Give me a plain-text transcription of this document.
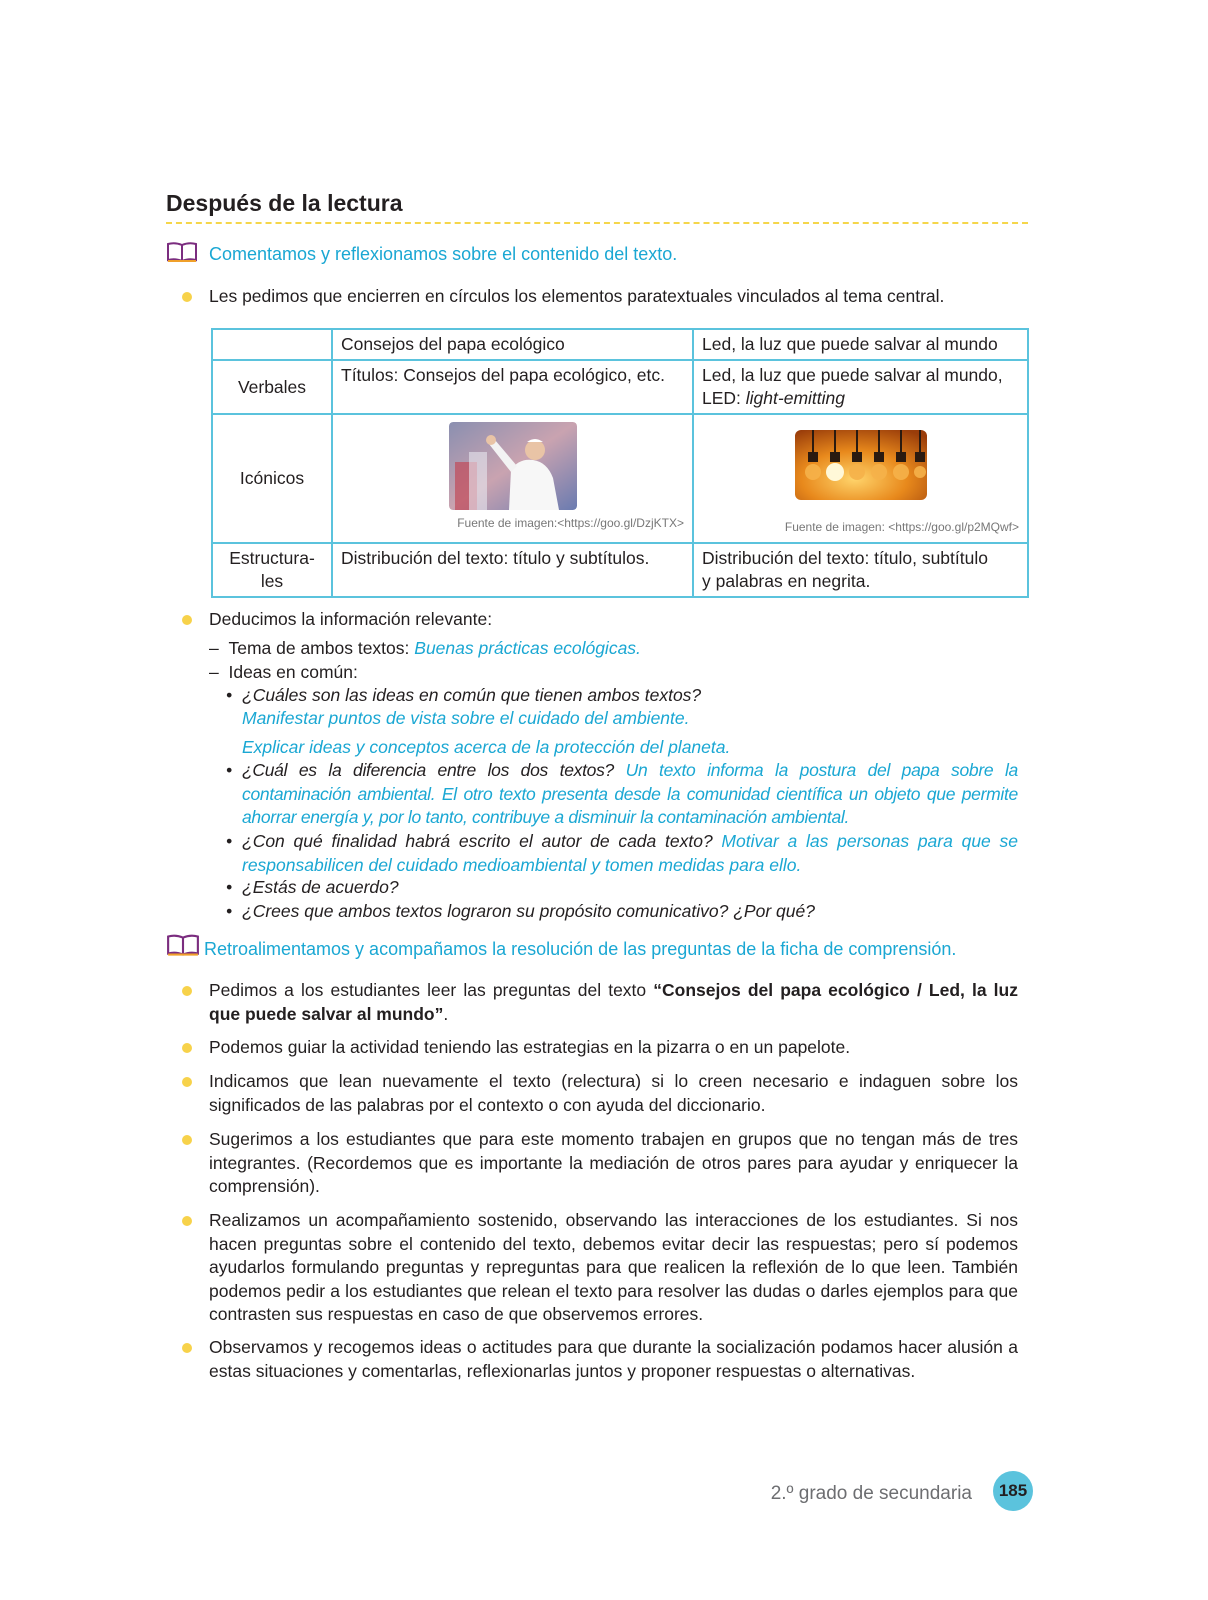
Después de la lectura
Comentamos y reflexionamos sobre el contenido del texto.
Les pedimos que encierren en círculos los elementos paratextuales vinculados al tema central.
	Consejos del papa ecológico	Led, la luz que puede salvar al mundo
Verbales	Títulos: Consejos del papa ecológico, etc.	Led, la luz que puede salvar al mundo,
LED: light-emitting
Icónicos	Fuente de imagen:<https://goo.gl/DzjKTX>	Fuente de imagen: <https://goo.gl/p2MQwf>

Estructura-
les	Distribución del texto: título y subtítulos.	Distribución del texto: título, subtítulo
y palabras en negrita.
Deducimos la información relevante:
–  Tema de ambos textos: Buenas prácticas ecológicas.
–  Ideas en común:
• ¿Cuáles son las ideas en común que tienen ambos textos?
Manifestar puntos de vista sobre el cuidado del ambiente.
Explicar ideas y conceptos acerca de la protección del planeta.
• ¿Cuál es la diferencia entre los dos textos? Un texto informa la postura del papa sobre la contaminación ambiental. El otro texto presenta desde la comunidad científica un objeto que permite ahorrar energía y, por lo tanto, contribuye a disminuir la contaminación ambiental.
• ¿Con qué finalidad habrá escrito el autor de cada texto? Motivar a las personas para que se responsabilicen del cuidado medioambiental y tomen medidas para ello.
• ¿Estás de acuerdo?
• ¿Crees que ambos textos lograron su propósito comunicativo? ¿Por qué?
Retroalimentamos y acompañamos la resolución de las preguntas de la ficha de comprensión.
Pedimos a los estudiantes leer las preguntas del texto “Consejos del papa ecológico / Led, la luz que puede salvar al mundo”.
Podemos guiar la actividad teniendo las estrategias en la pizarra o en un papelote.
Indicamos que lean nuevamente el texto (relectura) si lo creen necesario e indaguen sobre los significados de las palabras por el contexto o con ayuda del diccionario.
Sugerimos a los estudiantes que para este momento trabajen en grupos que no tengan más de tres integrantes. (Recordemos que es importante la mediación de otros pares para ayudar y enriquecer la comprensión).
Realizamos un acompañamiento sostenido, observando las interacciones de los estudiantes. Si nos hacen preguntas sobre el contenido del texto, debemos evitar decir las respuestas; pero sí podemos ayudarlos formulando preguntas y repreguntas para que realicen la reflexión de lo que leen. También podemos pedir a los estudiantes que relean el texto para resolver las dudas o darles ejemplos para que contrasten sus respuestas en caso de que observemos errores.
Observamos y recogemos ideas o actitudes para que durante la socialización podamos hacer alusión a estas situaciones y comentarlas, reflexionarlas juntos y proponer respuestas o alternativas.
2.º grado de secundaria	185
